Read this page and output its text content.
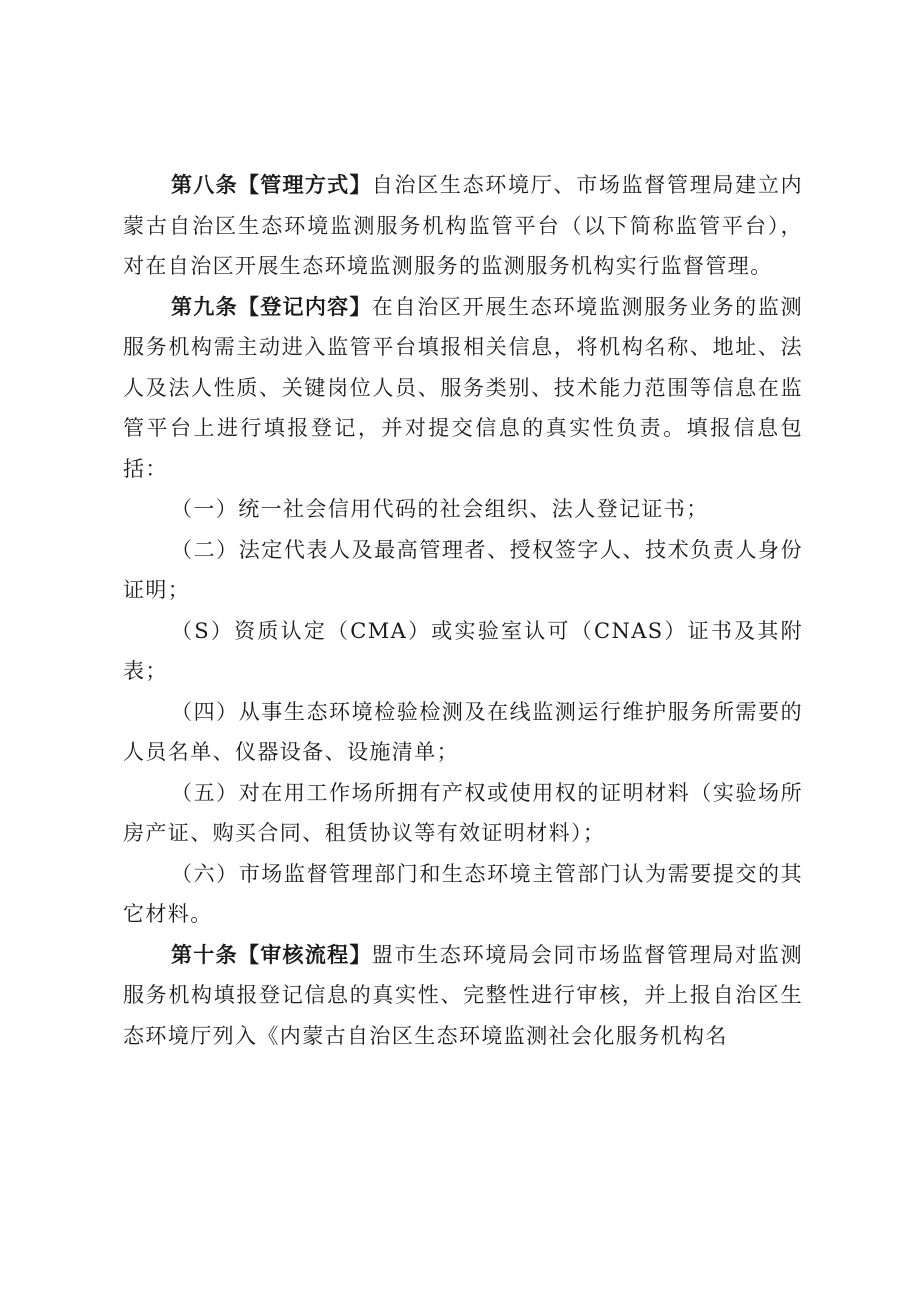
第八条【管理方式】自治区生态环境厅、市场监督管理局建立内蒙古自治区生态环境监测服务机构监管平台（以下简称监管平台），对在自治区开展生态环境监测服务的监测服务机构实行监督管理。

第九条【登记内容】在自治区开展生态环境监测服务业务的监测服务机构需主动进入监管平台填报相关信息，将机构名称、地址、法人及法人性质、关键岗位人员、服务类别、技术能力范围等信息在监管平台上进行填报登记，并对提交信息的真实性负责。填报信息包括：

（一）统一社会信用代码的社会组织、法人登记证书；

（二）法定代表人及最高管理者、授权签字人、技术负责人身份证明；

（S）资质认定（CMA）或实验室认可（CNAS）证书及其附表；

（四）从事生态环境检验检测及在线监测运行维护服务所需要的人员名单、仪器设备、设施清单；

（五）对在用工作场所拥有产权或使用权的证明材料（实验场所房产证、购买合同、租赁协议等有效证明材料）；

（六）市场监督管理部门和生态环境主管部门认为需要提交的其它材料。

第十条【审核流程】盟市生态环境局会同市场监督管理局对监测服务机构填报登记信息的真实性、完整性进行审核，并上报自治区生态环境厅列入《内蒙古自治区生态环境监测社会化服务机构名
